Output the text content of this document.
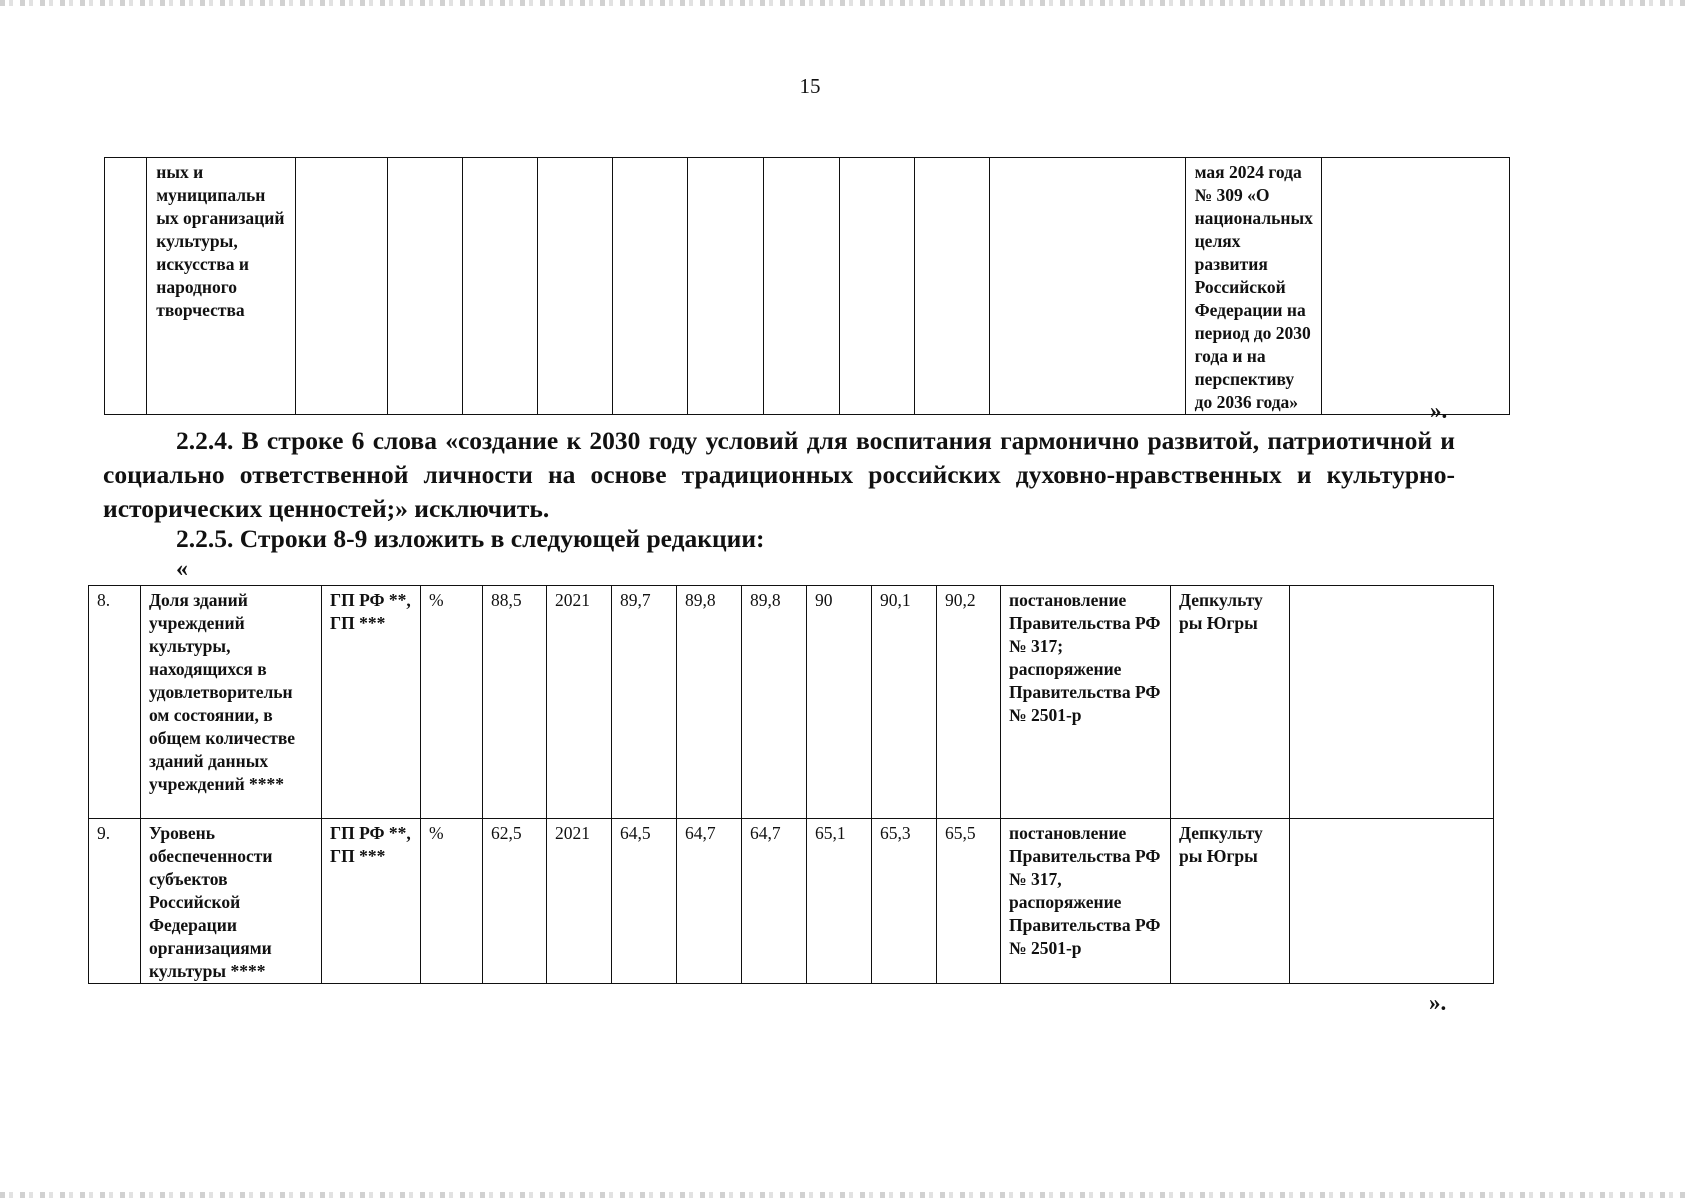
15
	ных и муниципальн ых организаций культуры, искусства и народного творчества											мая 2024 года № 309 «О национальных целях развития Российской Федерации на период до 2030 года и на перспективу до 2036 года»		».

2.2.4. В строке 6 слова «создание к 2030 году условий для воспитания гармонично развитой, патриотичной и социально ответственной личности на основе традиционных российских духовно-нравственных и культурно-исторических ценностей;» исключить.

2.2.5. Строки 8-9 изложить в следующей редакции:

«
8.	Доля зданий учреждений культуры, находящихся в удовлетворительн ом состоянии, в общем количестве зданий данных учреждений ****	ГП РФ **, ГП ***	%	88,5	2021	89,7	89,8	89,8	90	90,1	90,2	постановление Правительства РФ № 317; распоряжение Правительства РФ № 2501-р	Депкульту ры Югры	
9.	Уровень обеспеченности субъектов Российской Федерации организациями культуры ****	ГП РФ **, ГП ***	%	62,5	2021	64,5	64,7	64,7	65,1	65,3	65,5	постановление Правительства РФ № 317, распоряжение Правительства РФ № 2501-р	Депкульту ры Югры	
».
